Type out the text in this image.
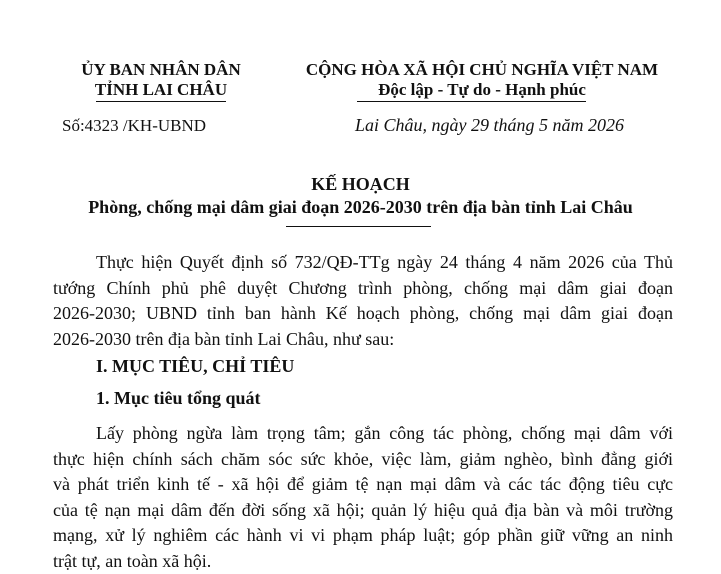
ỦY BAN NHÂN DÂN
TỈNH LAI CHÂU
Số:4323 /KH-UBND
CỘNG HÒA XÃ HỘI CHỦ NGHĨA VIỆT NAM
Độc lập - Tự do - Hạnh phúc
Lai Châu, ngày 29 tháng 5 năm 2026
KẾ HOẠCH
Phòng, chống mại dâm giai đoạn 2026-2030 trên địa bàn tỉnh Lai Châu
Thực hiện Quyết định số 732/QĐ-TTg ngày 24 tháng 4 năm 2026 của Thủ
tướng Chính phủ phê duyệt Chương trình phòng, chống mại dâm giai đoạn
2026-2030; UBND tỉnh ban hành Kế hoạch phòng, chống mại dâm giai đoạn
2026-2030 trên địa bàn tỉnh Lai Châu, như sau:
I. MỤC TIÊU, CHỈ TIÊU
1. Mục tiêu tổng quát
Lấy phòng ngừa làm trọng tâm; gắn công tác phòng, chống mại dâm với
thực hiện chính sách chăm sóc sức khỏe, việc làm, giảm nghèo, bình đẳng giới
và phát triển kinh tế - xã hội để giảm tệ nạn mại dâm và các tác động tiêu cực
của tệ nạn mại dâm đến đời sống xã hội; quản lý hiệu quả địa bàn và môi trường
mạng, xử lý nghiêm các hành vi vi phạm pháp luật; góp phần giữ vững an ninh
trật tự, an toàn xã hội.
